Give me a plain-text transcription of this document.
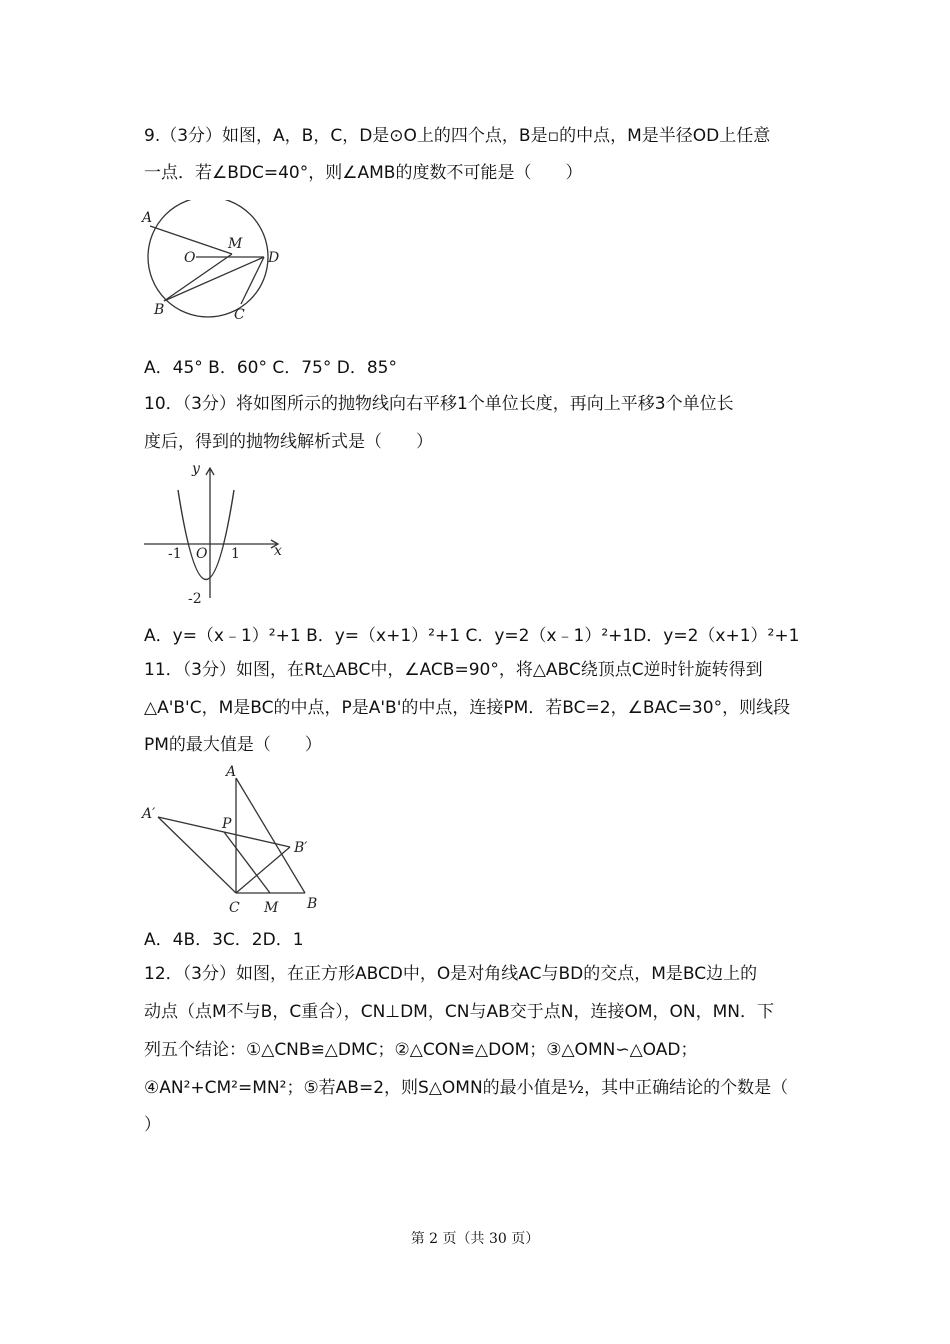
9.（3分）如图，A，B，C，D是⊙O上的四个点，B是▫的中点，M是半径OD上任意
一点．若∠BDC=40°，则∠AMB的度数不可能是（　　）
A
O
M
D
B	C
A．45° B．60° C．75° D．85°
10．（3分）将如图所示的抛物线向右平移1个单位长度，再向上平移3个单位长
度后，得到的抛物线解析式是（　　）
y
x
O
-1	1
-2
A．y=（x﹣1）²+1 B．y=（x+1）²+1 C．y=2（x﹣1）²+1D．y=2（x+1）²+1
11．（3分）如图，在Rt△ABC中，∠ACB=90°，将△ABC绕顶点C逆时针旋转得到
△A'B'C，M是BC的中点，P是A'B'的中点，连接PM．若BC=2，∠BAC=30°，则线段
PM的最大值是（　　）
A
A′
P
B′
C M B
A．4B．3C．2D．1
12．（3分）如图，在正方形ABCD中，O是对角线AC与BD的交点，M是BC边上的
动点（点M不与B，C重合），CN⊥DM，CN与AB交于点N，连接OM，ON，MN．下
列五个结论：①△CNB≌△DMC；②△CON≌△DOM；③△OMN∽△OAD；
④AN²+CM²=MN²；⑤若AB=2，则S△OMN的最小值是½，其中正确结论的个数是（
）
第 2 页（共 30 页）
